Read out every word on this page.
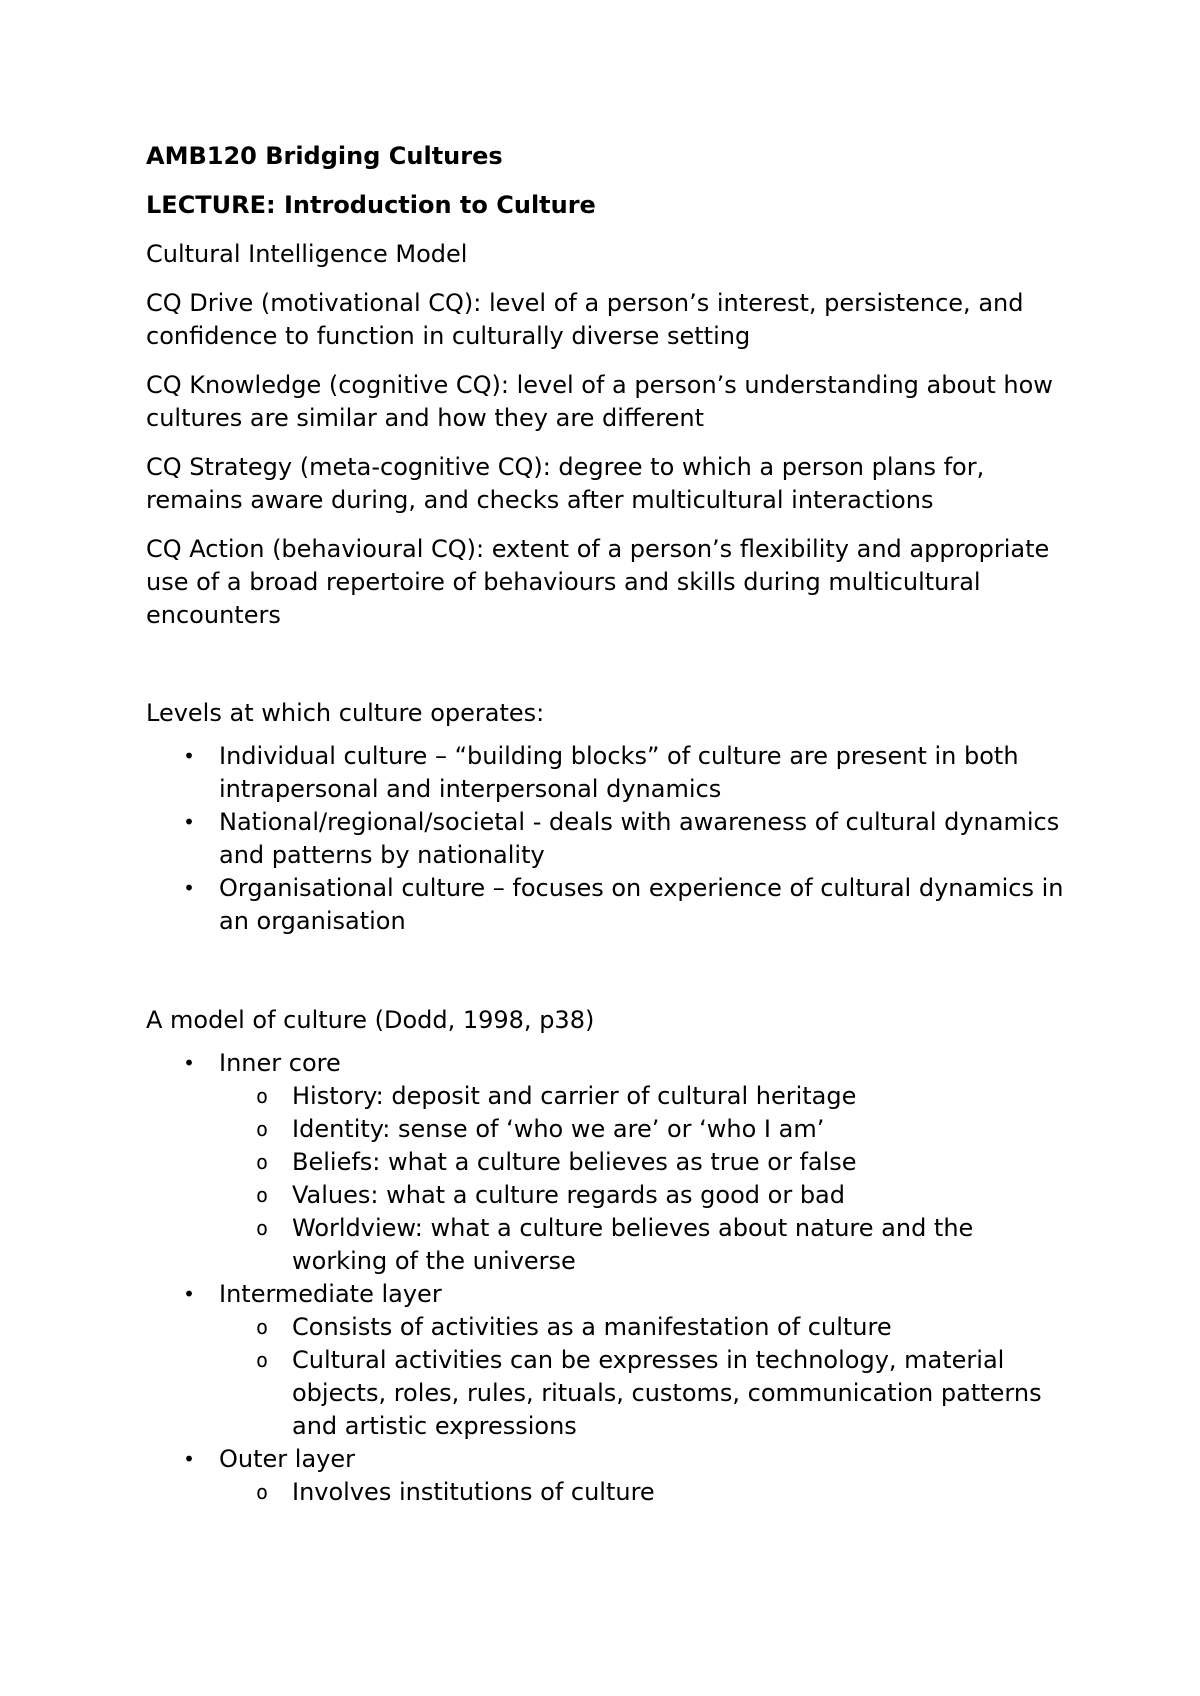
AMB120 Bridging Cultures

LECTURE: Introduction to Culture

Cultural Intelligence Model

CQ Drive (motivational CQ): level of a person’s interest, persistence, and confidence to function in culturally diverse setting

CQ Knowledge (cognitive CQ): level of a person’s understanding about how cultures are similar and how they are different

CQ Strategy (meta-cognitive CQ): degree to which a person plans for, remains aware during, and checks after multicultural interactions

CQ Action (behavioural CQ): extent of a person’s flexibility and appropriate use of a broad repertoire of behaviours and skills during multicultural encounters

Levels at which culture operates:

• Individual culture – “building blocks” of culture are present in both intrapersonal and interpersonal dynamics
• National/regional/societal - deals with awareness of cultural dynamics and patterns by nationality
• Organisational culture – focuses on experience of cultural dynamics in an organisation

A model of culture (Dodd, 1998, p38)

• Inner core
o History: deposit and carrier of cultural heritage
o Identity: sense of ‘who we are’ or ‘who I am’
o Beliefs: what a culture believes as true or false
o Values: what a culture regards as good or bad
o Worldview: what a culture believes about nature and the working of the universe
• Intermediate layer
o Consists of activities as a manifestation of culture
o Cultural activities can be expresses in technology, material objects, roles, rules, rituals, customs, communication patterns and artistic expressions
• Outer layer
o Involves institutions of culture
